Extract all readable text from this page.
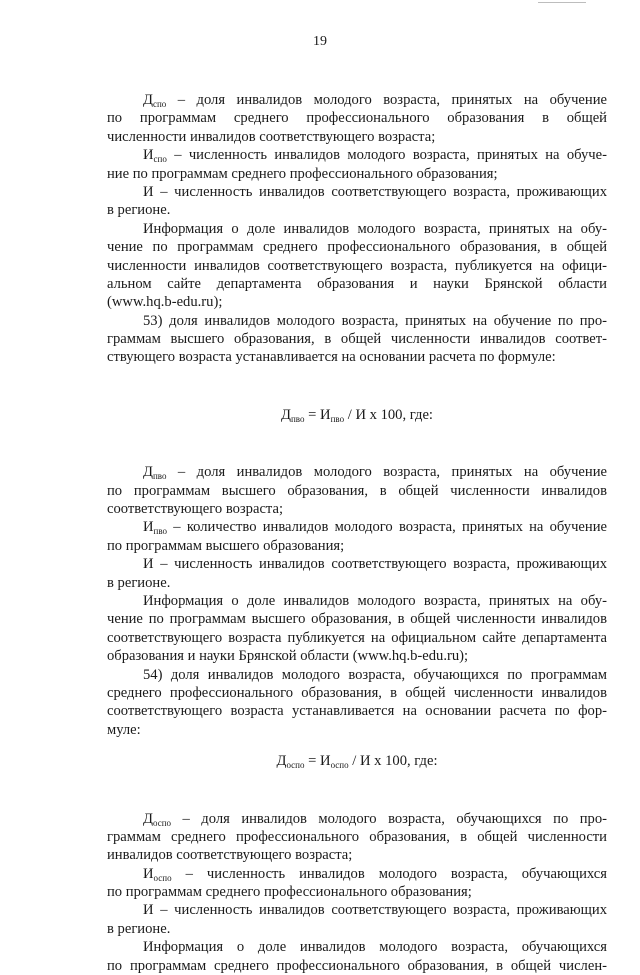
19
$Д_{спо}$ – доля инвалидов молодого возраста, принятых на обучение
по программам среднего профессионального образования в общей
численности инвалидов соответствующего возраста;
$И_{спо}$ – численность инвалидов молодого возраста, принятых на обуче-
ние по программам среднего профессионального образования;
И – численность инвалидов соответствующего возраста, проживающих
в регионе.
Информация о доле инвалидов молодого возраста, принятых на обу-
чение по программам среднего профессионального образования, в общей
численности инвалидов соответствующего возраста, публикуется на офици-
альном сайте департамента образования и науки Брянской области
(www.hq.b-edu.ru);
53) доля инвалидов молодого возраста, принятых на обучение по про-
граммам высшего образования, в общей численности инвалидов соответ-
ствующего возраста устанавливается на основании расчета по формуле:
$Д_{пво} = И_{пво} / И$ х 100, где:
$Д_{пво}$ – доля инвалидов молодого возраста, принятых на обучение
по программам высшего образования, в общей численности инвалидов
соответствующего возраста;
$И_{пво}$ – количество инвалидов молодого возраста, принятых на обучение
по программам высшего образования;
И – численность инвалидов соответствующего возраста, проживающих
в регионе.
Информация о доле инвалидов молодого возраста, принятых на обу-
чение по программам высшего образования, в общей численности инвалидов
соответствующего возраста публикуется на официальном сайте департамента
образования и науки Брянской области (www.hq.b-edu.ru);
54) доля инвалидов молодого возраста, обучающихся по программам
среднего профессионального образования, в общей численности инвалидов
соответствующего возраста устанавливается на основании расчета по фор-
муле:
$Д_{оспо} = И_{оспо} / И$ х 100, где:
$Д_{оспо}$ – доля инвалидов молодого возраста, обучающихся по про-
граммам среднего профессионального образования, в общей численности
инвалидов соответствующего возраста;
$И_{оспо}$ – численность инвалидов молодого возраста, обучающихся
по программам среднего профессионального образования;
И – численность инвалидов соответствующего возраста, проживающих
в регионе.
Информация о доле инвалидов молодого возраста, обучающихся
по программам среднего профессионального образования, в общей числен-
